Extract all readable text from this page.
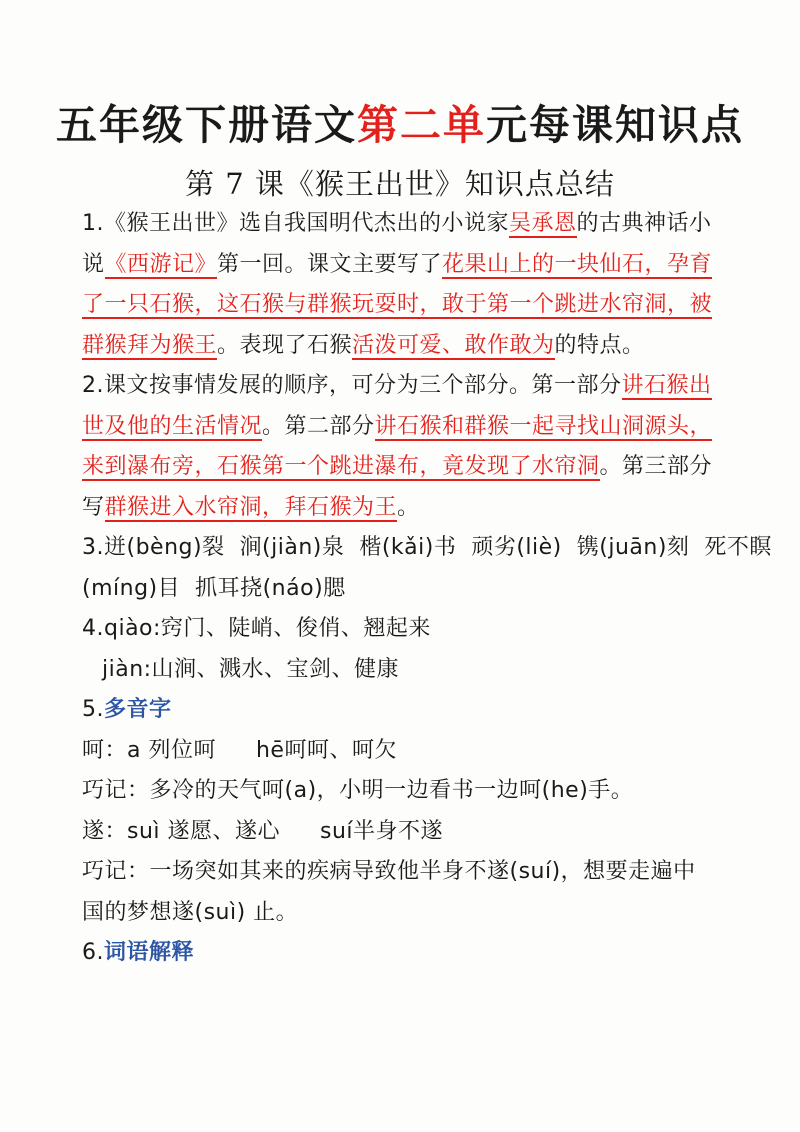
五年级下册语文第二单元每课知识点
第 7 课《猴王出世》知识点总结

1.《猴王出世》选自我国明代杰出的小说家吴承恩的古典神话小说《西游记》第一回。课文主要写了花果山上的一块仙石，孕育了一只石猴，这石猴与群猴玩耍时，敢于第一个跳进水帘洞，被群猴拜为猴王。表现了石猴活泼可爱、敢作敢为的特点。

2.课文按事情发展的顺序，可分为三个部分。第一部分讲石猴出世及他的生活情况。第二部分讲石猴和群猴一起寻找山洞源头，来到瀑布旁，石猴第一个跳进瀑布，竟发现了水帘洞。第三部分写群猴进入水帘洞，拜石猴为王。

3.迸(bèng)裂  涧(jiàn)泉  楷(kǎi)书  顽劣(liè)  镌(juān)刻  死不瞑

(míng)目  抓耳挠(náo)腮

4.qiào:窍门、陡峭、俊俏、翘起来

jiàn:山涧、溅水、宝剑、健康

5.多音字

呵：a 列位呵 hē呵呵、呵欠

巧记：多冷的天气呵(a)，小明一边看书一边呵(he)手。

遂：suì 遂愿、遂心 suí半身不遂

巧记：一场突如其来的疾病导致他半身不遂(suí)，想要走遍中

国的梦想遂(suì) 止。

6.词语解释
